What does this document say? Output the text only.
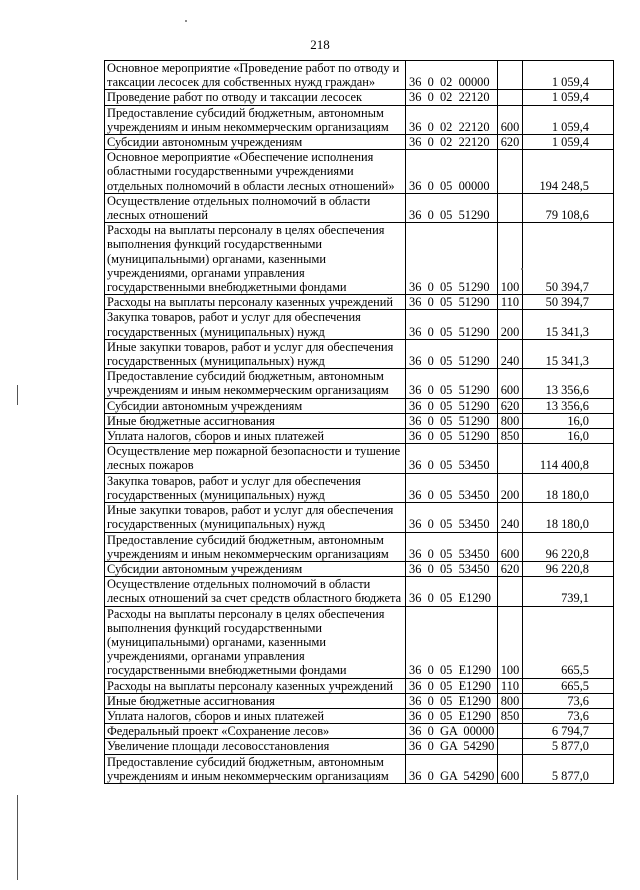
218
Основное мероприятие «Проведение работ по отводу и таксации лесосек для собственных нужд граждан»	36  0  02  00000		1 059,4
Проведение работ по отводу и таксации лесосек	36  0  02  22120		1 059,4
Предоставление субсидий бюджетным, автономным учреждениям и иным некоммерческим организациям	36  0  02  22120	600	1 059,4
Субсидии автономным учреждениям	36  0  02  22120	620	1 059,4
Основное мероприятие «Обеспечение исполнения областными государственными учреждениями отдельных полномочий в области лесных отношений»	36  0  05  00000		194 248,5
Осуществление отдельных полномочий в области лесных отношений	36  0  05  51290		79 108,6
Расходы на выплаты персоналу в целях обеспечения выполнения функций государственными (муниципальными) органами, казенными учреждениями, органами управления государственными внебюджетными фондами	36  0  05  51290	100	50 394,7
Расходы на выплаты персоналу казенных учреждений	36  0  05  51290	110	50 394,7
Закупка товаров, работ и услуг для обеспечения государственных (муниципальных) нужд	36  0  05  51290	200	15 341,3
Иные закупки товаров, работ и услуг для обеспечения государственных (муниципальных) нужд	36  0  05  51290	240	15 341,3
Предоставление субсидий бюджетным, автономным учреждениям и иным некоммерческим организациям	36  0  05  51290	600	13 356,6
Субсидии автономным учреждениям	36  0  05  51290	620	13 356,6
Иные бюджетные ассигнования	36  0  05  51290	800	16,0
Уплата налогов, сборов и иных платежей	36  0  05  51290	850	16,0
Осуществление мер пожарной безопасности и тушение лесных пожаров	36  0  05  53450		114 400,8
Закупка товаров, работ и услуг для обеспечения государственных (муниципальных) нужд	36  0  05  53450	200	18 180,0
Иные закупки товаров, работ и услуг для обеспечения государственных (муниципальных) нужд	36  0  05  53450	240	18 180,0
Предоставление субсидий бюджетным, автономным учреждениям и иным некоммерческим организациям	36  0  05  53450	600	96 220,8
Субсидии автономным учреждениям	36  0  05  53450	620	96 220,8
Осуществление отдельных полномочий в области лесных отношений за счет средств областного бюджета	36  0  05  Е1290		739,1
Расходы на выплаты персоналу в целях обеспечения выполнения функций государственными (муниципальными) органами, казенными учреждениями, органами управления государственными внебюджетными фондами	36  0  05  Е1290	100	665,5
Расходы на выплаты персоналу казенных учреждений	36  0  05  Е1290	110	665,5
Иные бюджетные ассигнования	36  0  05  Е1290	800	73,6
Уплата налогов, сборов и иных платежей	36  0  05  Е1290	850	73,6
Федеральный проект «Сохранение лесов»	36  0  GA  00000		6 794,7
Увеличение площади лесовосстановления	36  0  GA  54290		5 877,0
Предоставление субсидий бюджетным, автономным учреждениям и иным некоммерческим организациям	36  0  GA  54290	600	5 877,0
